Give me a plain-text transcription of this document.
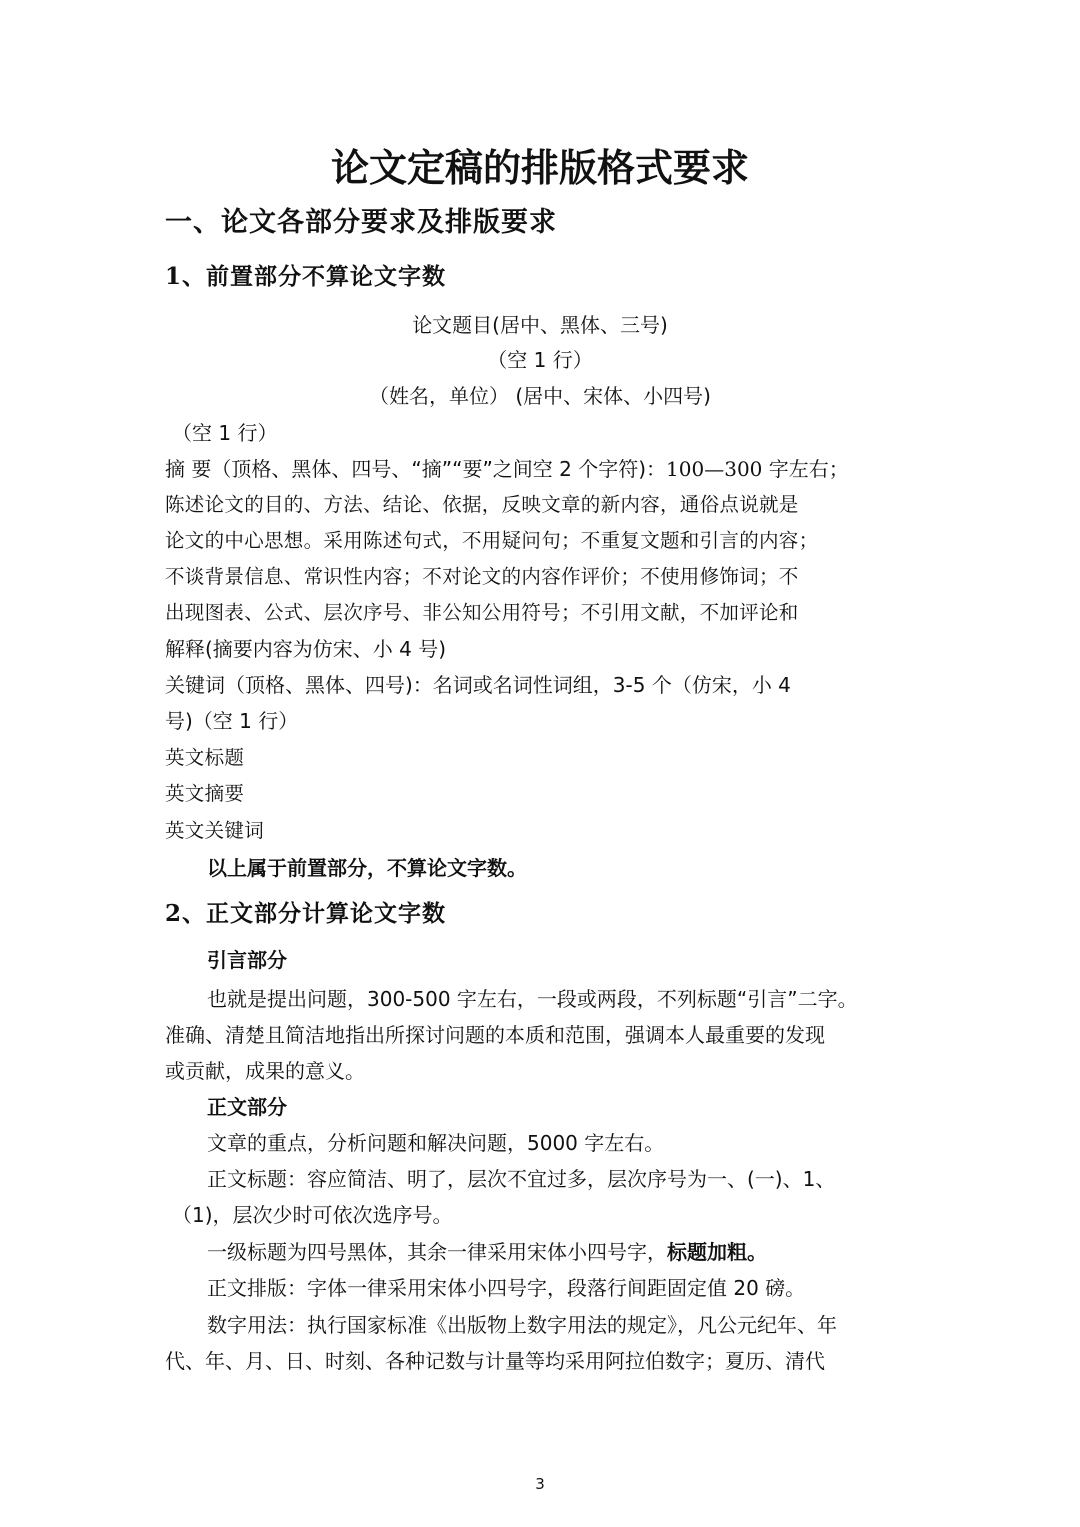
论文定稿的排版格式要求
一、论文各部分要求及排版要求
1、前置部分不算论文字数

论文题目(居中、黑体、三号)

（空 1 行）

（姓名，单位） (居中、宋体、小四号)

（空 1 行）

摘 要（顶格、黑体、四号、“摘”“要”之间空 2 个字符)：100—300 字左右；

陈述论文的目的、方法、结论、依据，反映文章的新内容，通俗点说就是

论文的中心思想。采用陈述句式，不用疑问句；不重复文题和引言的内容；

不谈背景信息、常识性内容；不对论文的内容作评价；不使用修饰词；不

出现图表、公式、层次序号、非公知公用符号；不引用文献，不加评论和

解释(摘要内容为仿宋、小 4 号)

关键词（顶格、黑体、四号)：名词或名词性词组，3-5 个（仿宋，小 4

号)（空 1 行）

英文标题

英文摘要

英文关键词

以上属于前置部分，不算论文字数。

2、正文部分计算论文字数

引言部分

也就是提出问题，300-500 字左右，一段或两段，不列标题“引言”二字。

准确、清楚且简洁地指出所探讨问题的本质和范围，强调本人最重要的发现

或贡献，成果的意义。

正文部分

文章的重点，分析问题和解决问题，5000 字左右。

正文标题：容应简洁、明了，层次不宜过多，层次序号为一、(一)、1、

（1)，层次少时可依次选序号。

一级标题为四号黑体，其余一律采用宋体小四号字，标题加粗。

正文排版：字体一律采用宋体小四号字，段落行间距固定值 20 磅。

数字用法：执行国家标准《出版物上数字用法的规定》，凡公元纪年、年

代、年、月、日、时刻、各种记数与计量等均采用阿拉伯数字；夏历、清代

3
